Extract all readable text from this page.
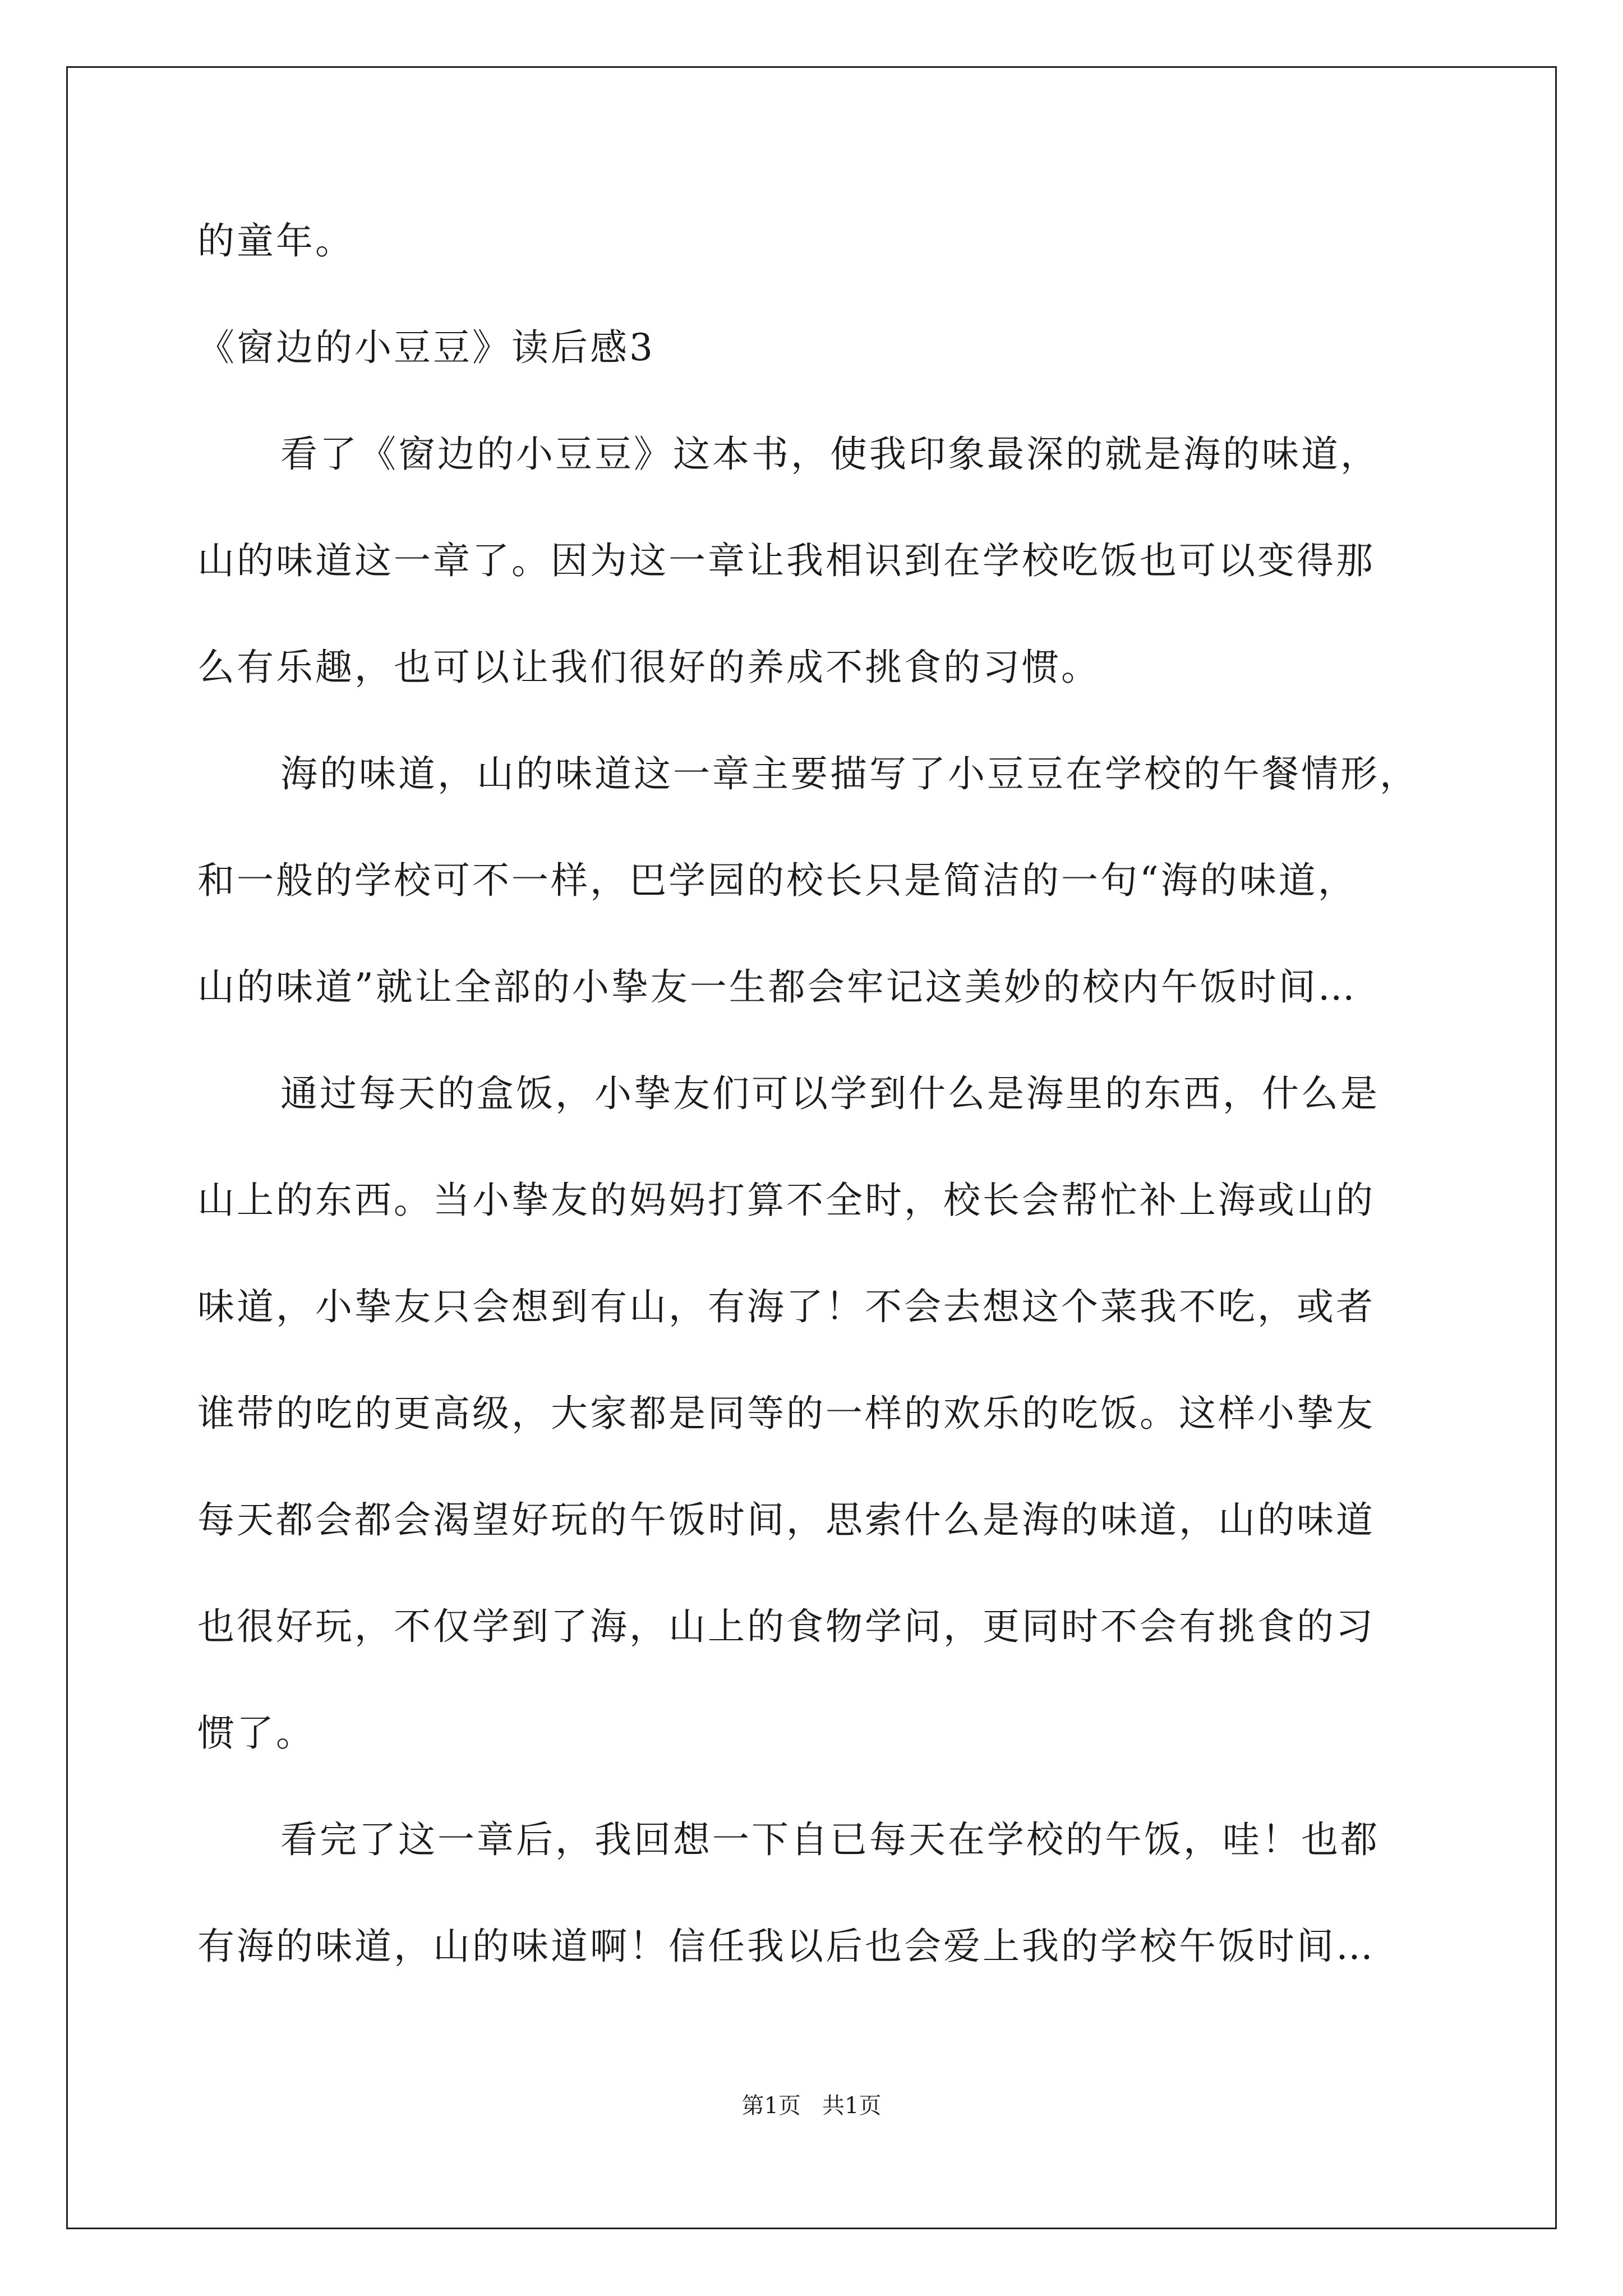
的童年。

《窗边的小豆豆》读后感3

看了《窗边的小豆豆》这本书，使我印象最深的就是海的味道，

山的味道这一章了。因为这一章让我相识到在学校吃饭也可以变得那

么有乐趣，也可以让我们很好的养成不挑食的习惯。

海的味道，山的味道这一章主要描写了小豆豆在学校的午餐情形，

和一般的学校可不一样，巴学园的校长只是简洁的一句“海的味道，

山的味道”就让全部的小挚友一生都会牢记这美妙的校内午饭时间…

通过每天的盒饭，小挚友们可以学到什么是海里的东西，什么是

山上的东西。当小挚友的妈妈打算不全时，校长会帮忙补上海或山的

味道，小挚友只会想到有山，有海了！不会去想这个菜我不吃，或者

谁带的吃的更高级，大家都是同等的一样的欢乐的吃饭。这样小挚友

每天都会都会渴望好玩的午饭时间，思索什么是海的味道，山的味道

也很好玩，不仅学到了海，山上的食物学问，更同时不会有挑食的习

惯了。

看完了这一章后，我回想一下自已每天在学校的午饭，哇！也都

有海的味道，山的味道啊！信任我以后也会爱上我的学校午饭时间…

第1页   共1页
